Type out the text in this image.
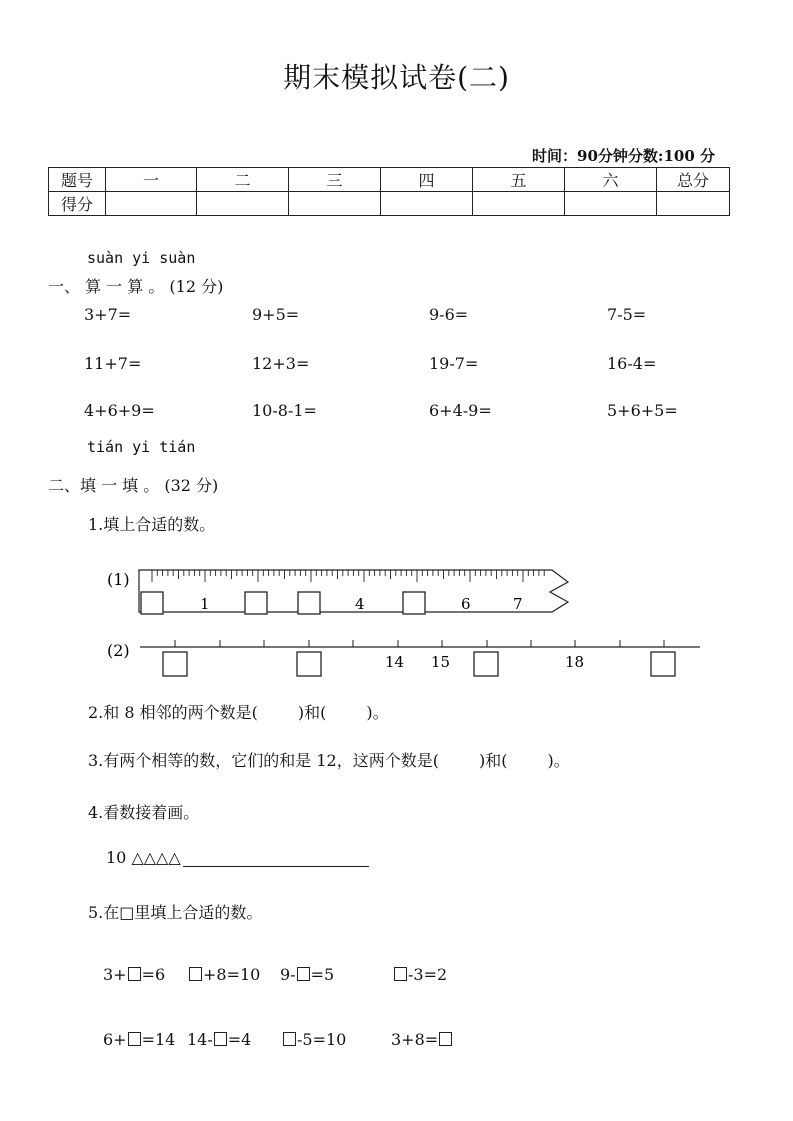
期末模拟试卷(二)
时间：90分钟分数:100 分
题号	一	二	三	四	五	六	总分
得分							
suàn yi suàn
一、 算 一 算 。 (12 分)
3+7=	9+5=	9-6=	7-5=
11+7=	12+3=	19-7=	16-4=
4+6+9=	10-8-1=	6+4-9=	5+6+5=
tián yi tián
二、填 一 填 。 (32 分)
1.填上合适的数。
(1)
1	4	6	7
(2)
14 15	18
2.和 8 相邻的两个数是(	)和(	)。
3.有两个相等的数，它们的和是 12，这两个数是(	)和(	)。
4.看数接着画。
10 △△△△
5.在□里填上合适的数。
3+ =6	+8=10 9- =5	-3=2
6+ =14 14- =4	-5=10	3+8=
